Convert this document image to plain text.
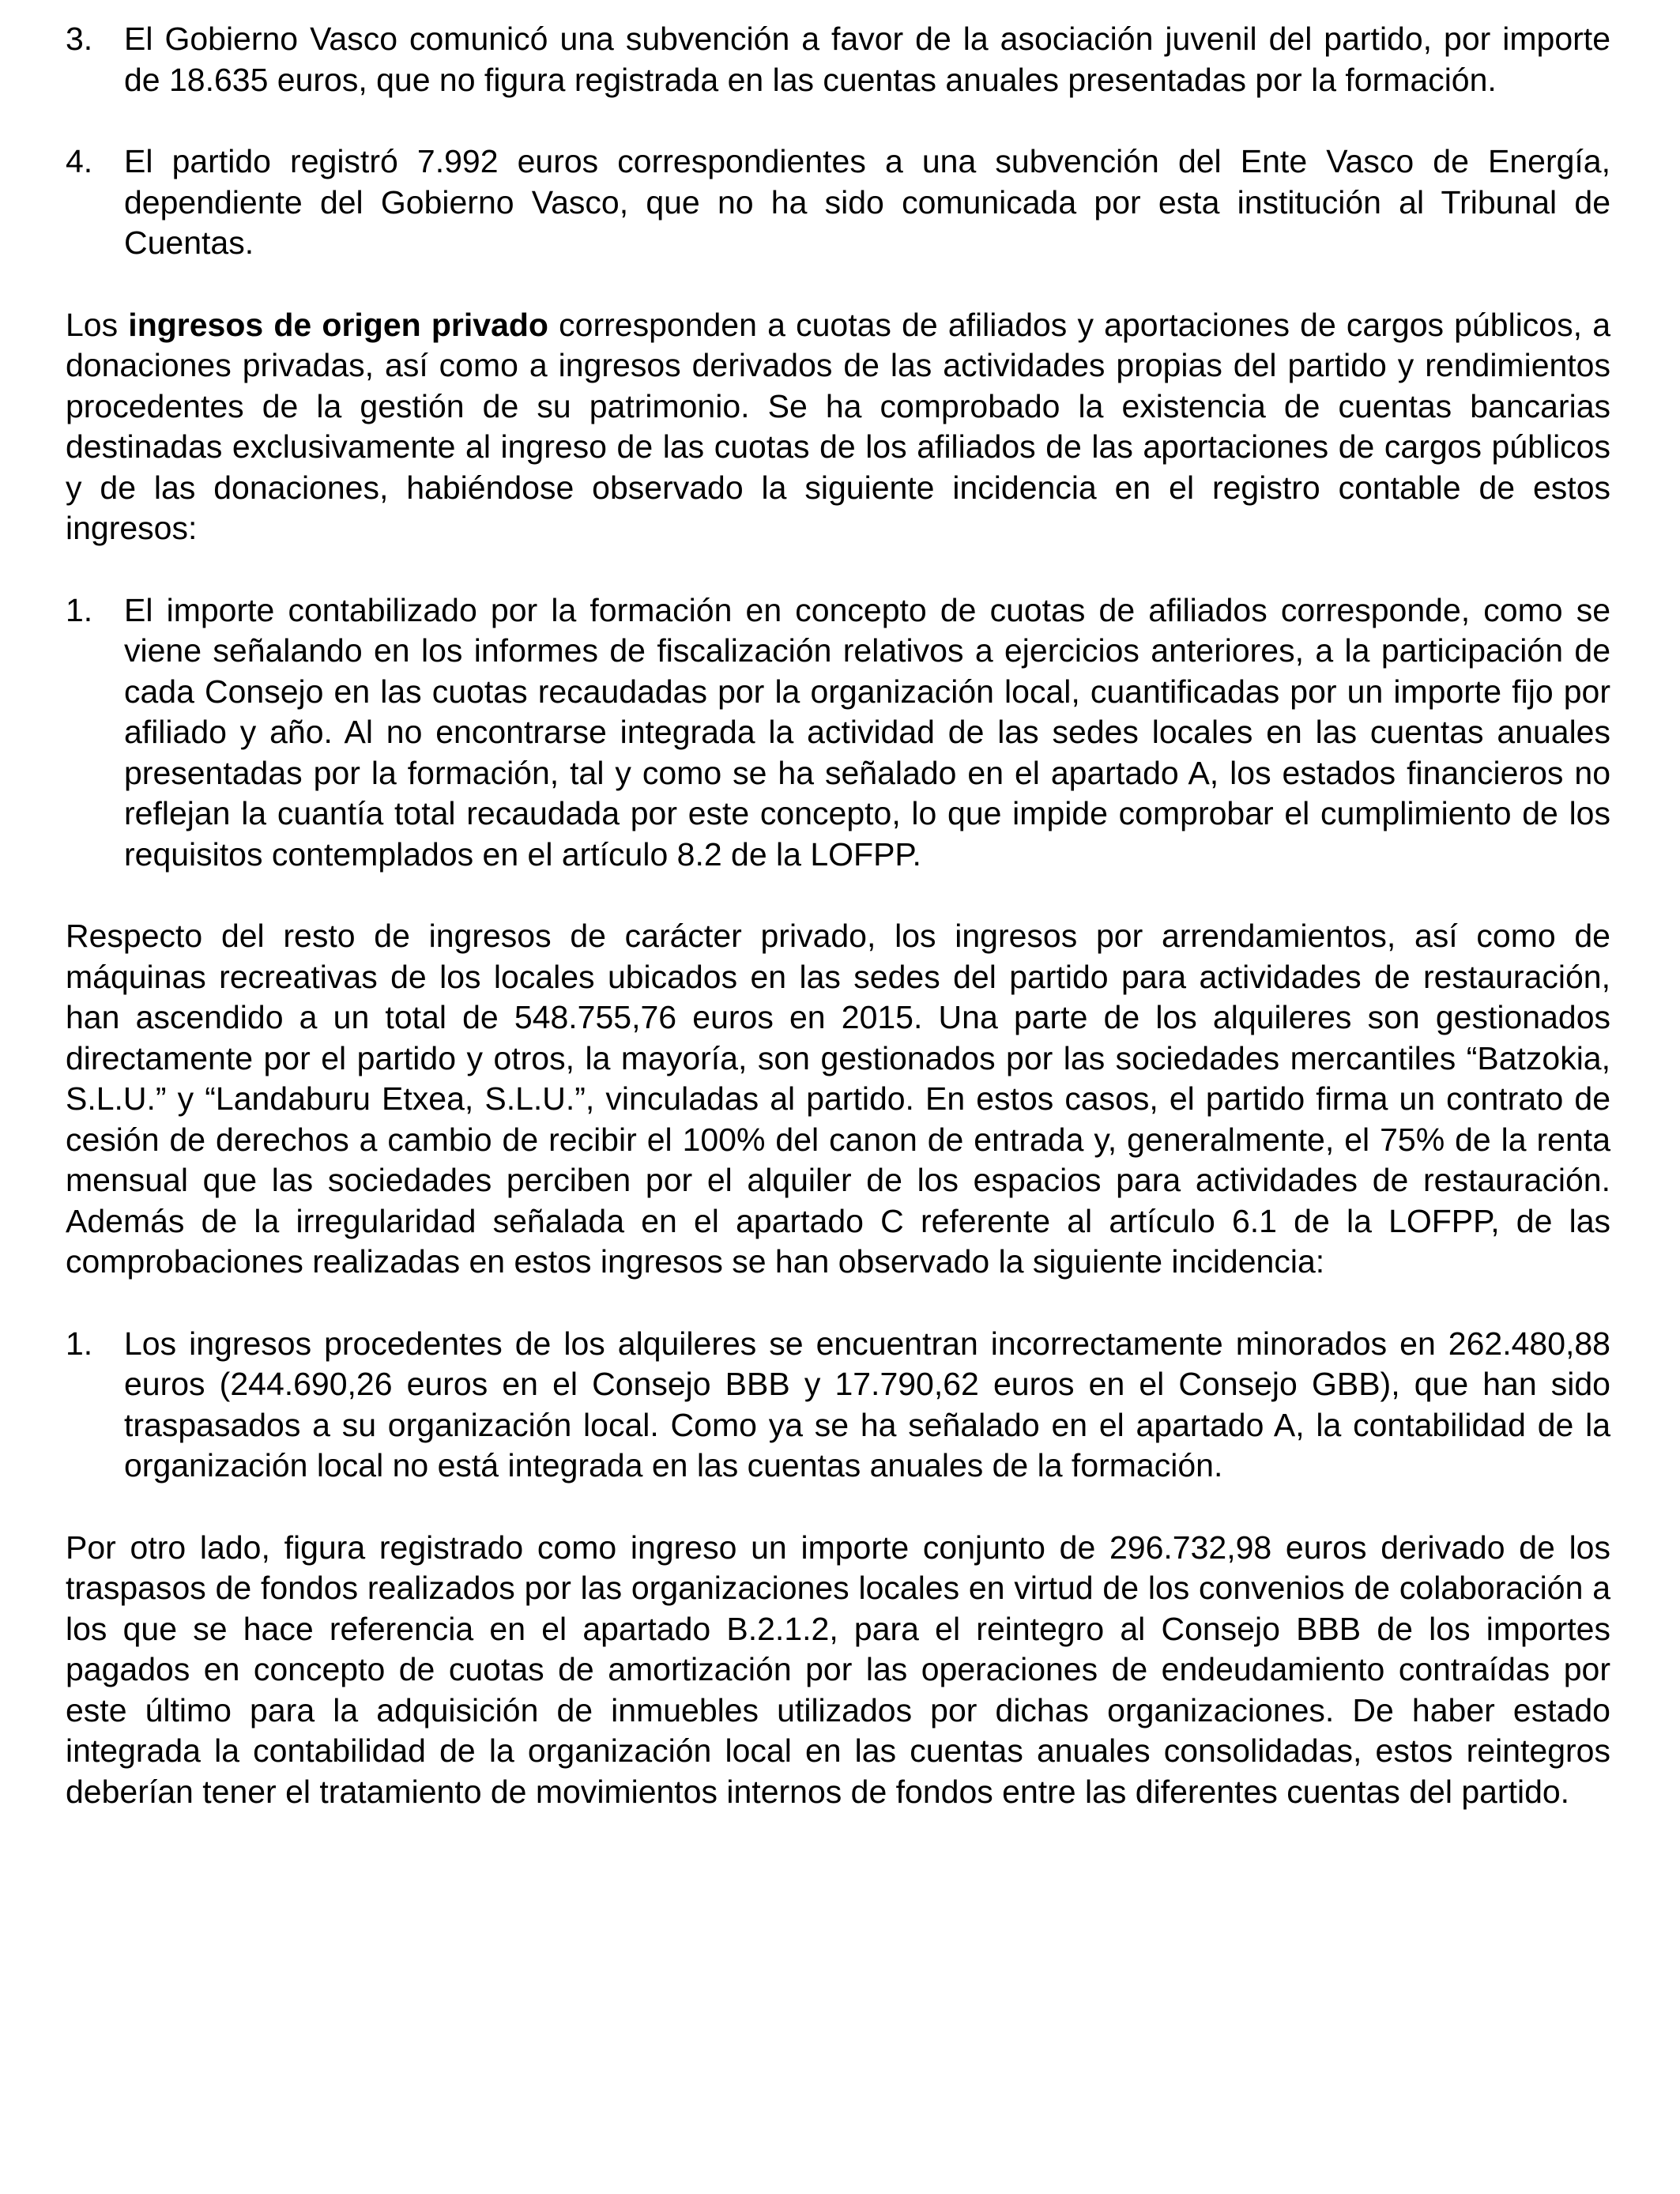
3. El Gobierno Vasco comunicó una subvención a favor de la asociación juvenil del partido, por importe de 18.635 euros, que no figura registrada en las cuentas anuales presentadas por la formación.
4. El partido registró 7.992 euros correspondientes a una subvención del Ente Vasco de Energía, dependiente del Gobierno Vasco, que no ha sido comunicada por esta institución al Tribunal de Cuentas.

Los ingresos de origen privado corresponden a cuotas de afiliados y aportaciones de cargos públicos, a donaciones privadas, así como a ingresos derivados de las actividades propias del partido y rendimientos procedentes de la gestión de su patrimonio. Se ha comprobado la existencia de cuentas bancarias destinadas exclusivamente al ingreso de las cuotas de los afiliados de las aportaciones de cargos públicos y de las donaciones, habiéndose observado la siguiente incidencia en el registro contable de estos ingresos:

1. El importe contabilizado por la formación en concepto de cuotas de afiliados corresponde, como se viene señalando en los informes de fiscalización relativos a ejercicios anteriores, a la participación de cada Consejo en las cuotas recaudadas por la organización local, cuantificadas por un importe fijo por afiliado y año. Al no encontrarse integrada la actividad de las sedes locales en las cuentas anuales presentadas por la formación, tal y como se ha señalado en el apartado A, los estados financieros no reflejan la cuantía total recaudada por este concepto, lo que impide comprobar el cumplimiento de los requisitos contemplados en el artículo 8.2 de la LOFPP.

Respecto del resto de ingresos de carácter privado, los ingresos por arrendamientos, así como de máquinas recreativas de los locales ubicados en las sedes del partido para actividades de restauración, han ascendido a un total de 548.755,76 euros en 2015. Una parte de los alquileres son gestionados directamente por el partido y otros, la mayoría, son gestionados por las sociedades mercantiles “Batzokia, S.L.U.” y “Landaburu Etxea, S.L.U.”, vinculadas al partido. En estos casos, el partido firma un contrato de cesión de derechos a cambio de recibir el 100% del canon de entrada y, generalmente, el 75% de la renta mensual que las sociedades perciben por el alquiler de los espacios para actividades de restauración. Además de la irregularidad señalada en el apartado C referente al artículo 6.1 de la LOFPP, de las comprobaciones realizadas en estos ingresos se han observado la siguiente incidencia:

1. Los ingresos procedentes de los alquileres se encuentran incorrectamente minorados en 262.480,88 euros (244.690,26 euros en el Consejo BBB y 17.790,62 euros en el Consejo GBB), que han sido traspasados a su organización local. Como ya se ha señalado en el apartado A, la contabilidad de la organización local no está integrada en las cuentas anuales de la formación.

Por otro lado, figura registrado como ingreso un importe conjunto de 296.732,98 euros derivado de los traspasos de fondos realizados por las organizaciones locales en virtud de los convenios de colaboración a los que se hace referencia en el apartado B.2.1.2, para el reintegro al Consejo BBB de los importes pagados en concepto de cuotas de amortización por las operaciones de endeudamiento contraídas por este último para la adquisición de inmuebles utilizados por dichas organizaciones. De haber estado integrada la contabilidad de la organización local en las cuentas anuales consolidadas, estos reintegros deberían tener el tratamiento de movimientos internos de fondos entre las diferentes cuentas del partido.
